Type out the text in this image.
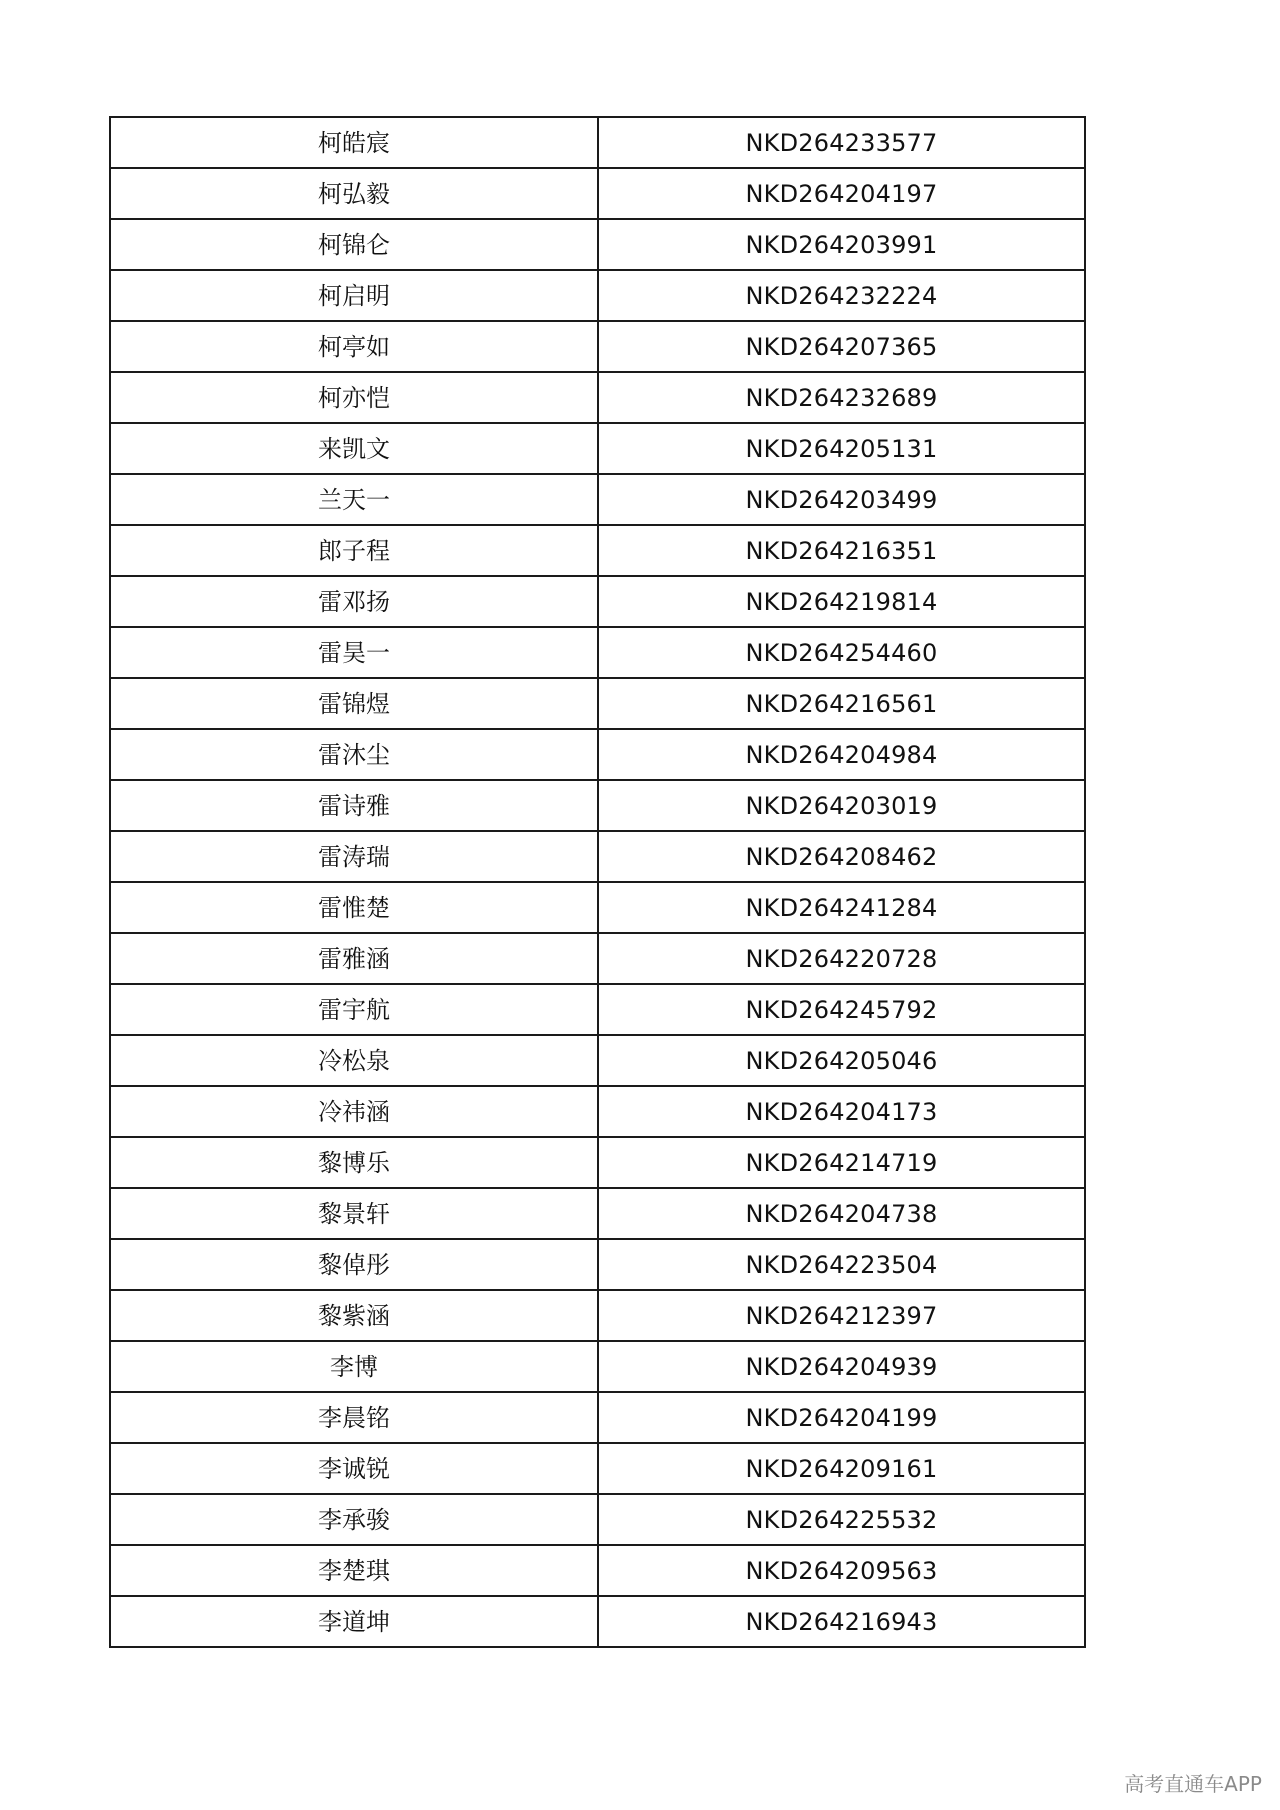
柯皓宸	NKD264233577
柯弘毅	NKD264204197
柯锦仑	NKD264203991
柯启明	NKD264232224
柯亭如	NKD264207365
柯亦恺	NKD264232689
来凯文	NKD264205131
兰天一	NKD264203499
郎子程	NKD264216351
雷邓扬	NKD264219814
雷昊一	NKD264254460
雷锦煜	NKD264216561
雷沐尘	NKD264204984
雷诗雅	NKD264203019
雷涛瑞	NKD264208462
雷惟楚	NKD264241284
雷雅涵	NKD264220728
雷宇航	NKD264245792
冷松泉	NKD264205046
冷祎涵	NKD264204173
黎博乐	NKD264214719
黎景轩	NKD264204738
黎倬彤	NKD264223504
黎紫涵	NKD264212397
李博	NKD264204939
李晨铭	NKD264204199
李诚锐	NKD264209161
李承骏	NKD264225532
李楚琪	NKD264209563
李道坤	NKD264216943
高考直通车APP
